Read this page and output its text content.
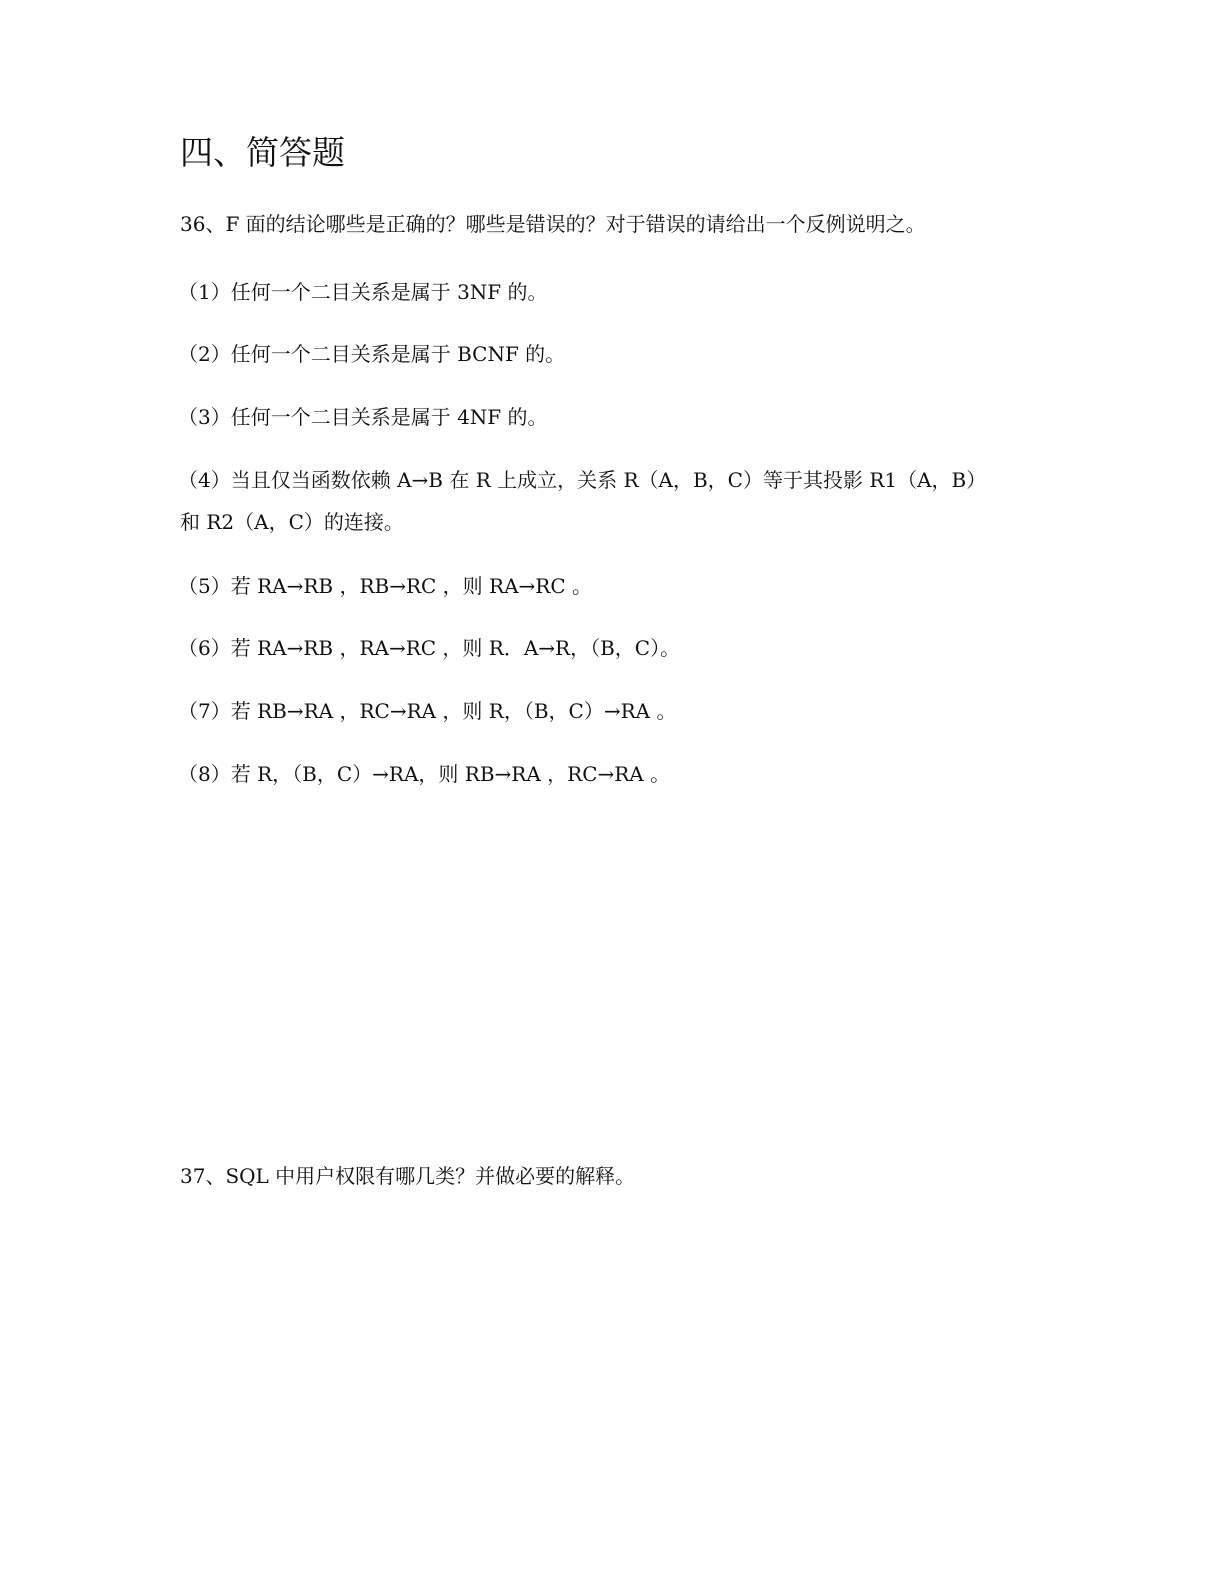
四、简答题

36、F 面的结论哪些是正确的？哪些是错误的？对于错误的请给出一个反例说明之。

（1）任何一个二目关系是属于 3NF 的。

（2）任何一个二目关系是属于 BCNF 的。

（3）任何一个二目关系是属于 4NF 的。

（4）当且仅当函数依赖 A→B 在 R 上成立，关系 R（A，B，C）等于其投影 R1（A，B）

和 R2（A，C）的连接。

（5）若 RA→RB ，RB→RC ，则 RA→RC 。

（6）若 RA→RB ，RA→RC ，则 R．A→R，（B，C）。

（7）若 RB→RA ，RC→RA ，则 R，（B，C）→RA 。

（8）若 R，（B，C）→RA，则 RB→RA ，RC→RA 。

37、SQL 中用户权限有哪几类？并做必要的解释。
